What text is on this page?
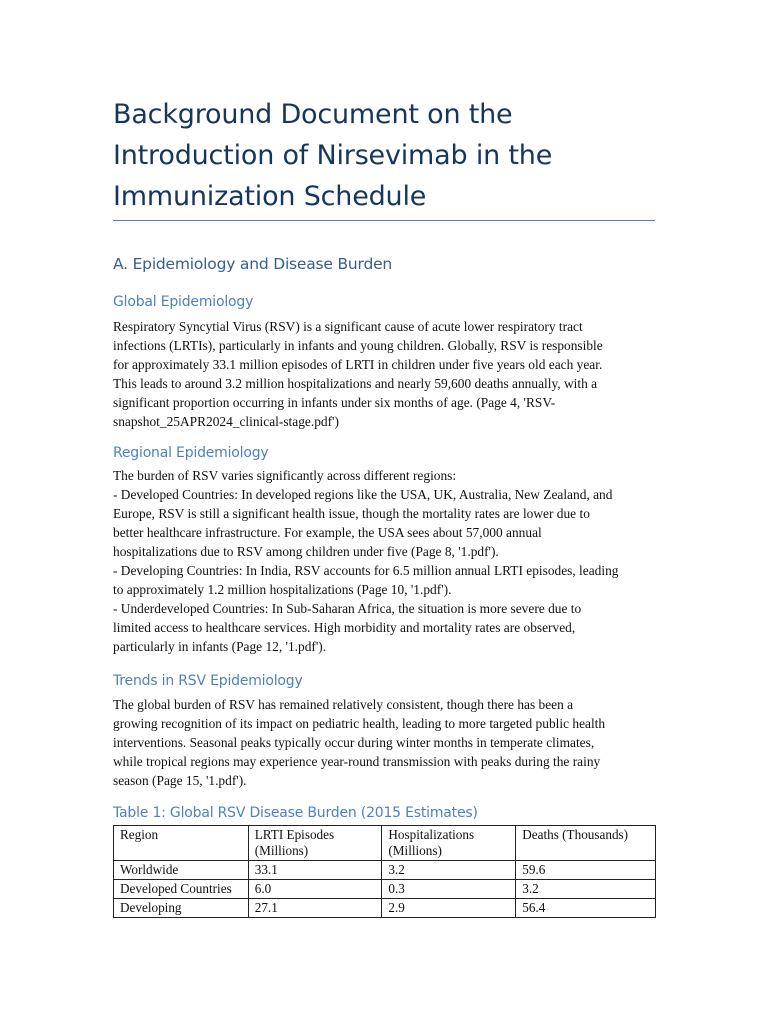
Background Document on the Introduction of Nirsevimab in the Immunization Schedule
A. Epidemiology and Disease Burden
Global Epidemiology

Respiratory Syncytial Virus (RSV) is a significant cause of acute lower respiratory tract
infections (LRTIs), particularly in infants and young children. Globally, RSV is responsible
for approximately 33.1 million episodes of LRTI in children under five years old each year.
This leads to around 3.2 million hospitalizations and nearly 59,600 deaths annually, with a
significant proportion occurring in infants under six months of age. (Page 4, 'RSV-
snapshot_25APR2024_clinical-stage.pdf')

Regional Epidemiology

The burden of RSV varies significantly across different regions:
- Developed Countries: In developed regions like the USA, UK, Australia, New Zealand, and
Europe, RSV is still a significant health issue, though the mortality rates are lower due to
better healthcare infrastructure. For example, the USA sees about 57,000 annual
hospitalizations due to RSV among children under five (Page 8, '1.pdf').
- Developing Countries: In India, RSV accounts for 6.5 million annual LRTI episodes, leading
to approximately 1.2 million hospitalizations (Page 10, '1.pdf').
- Underdeveloped Countries: In Sub-Saharan Africa, the situation is more severe due to
limited access to healthcare services. High morbidity and mortality rates are observed,
particularly in infants (Page 12, '1.pdf').

Trends in RSV Epidemiology

The global burden of RSV has remained relatively consistent, though there has been a
growing recognition of its impact on pediatric health, leading to more targeted public health
interventions. Seasonal peaks typically occur during winter months in temperate climates,
while tropical regions may experience year-round transmission with peaks during the rainy
season (Page 15, '1.pdf').

Table 1: Global RSV Disease Burden (2015 Estimates)
Region	LRTI Episodes (Millions)	Hospitalizations (Millions)	Deaths (Thousands)
Worldwide	33.1	3.2	59.6
Developed Countries	6.0	0.3	3.2
Developing	27.1	2.9	56.4
